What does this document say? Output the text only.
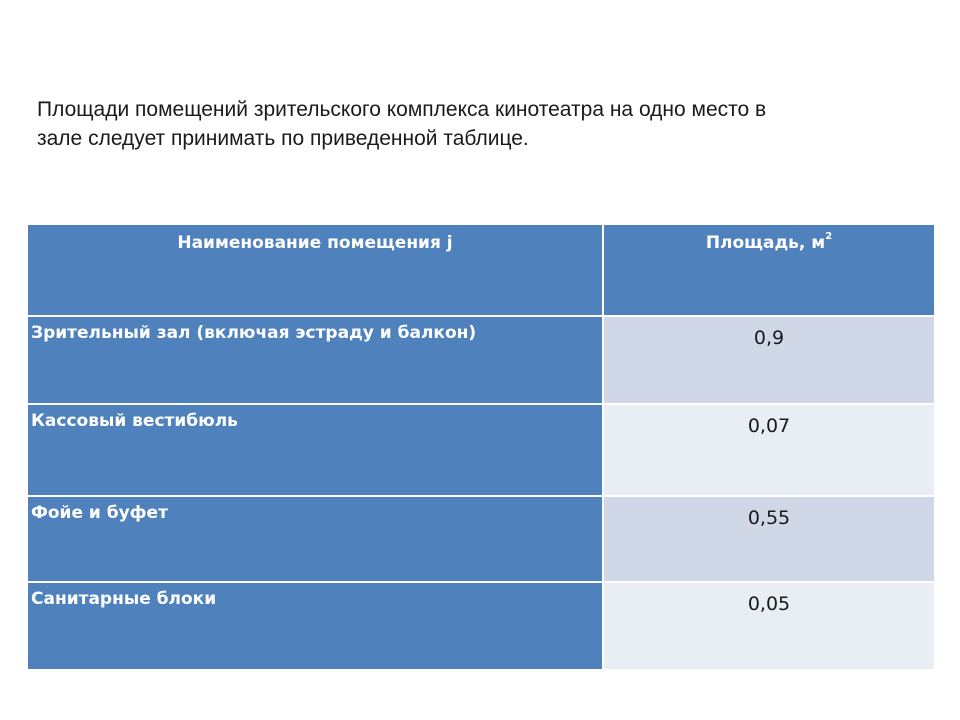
Площади помещений зрительского комплекса кинотеатра на одно место в
зале следует принимать по приведенной таблице.

Наименование помещения j	Площадь, $м^2$
Зрительный зал (включая эстраду и балкон)	0,9
Кассовый вестибюль	0,07
Фойе и буфет	0,55
Санитарные блоки	0,05
